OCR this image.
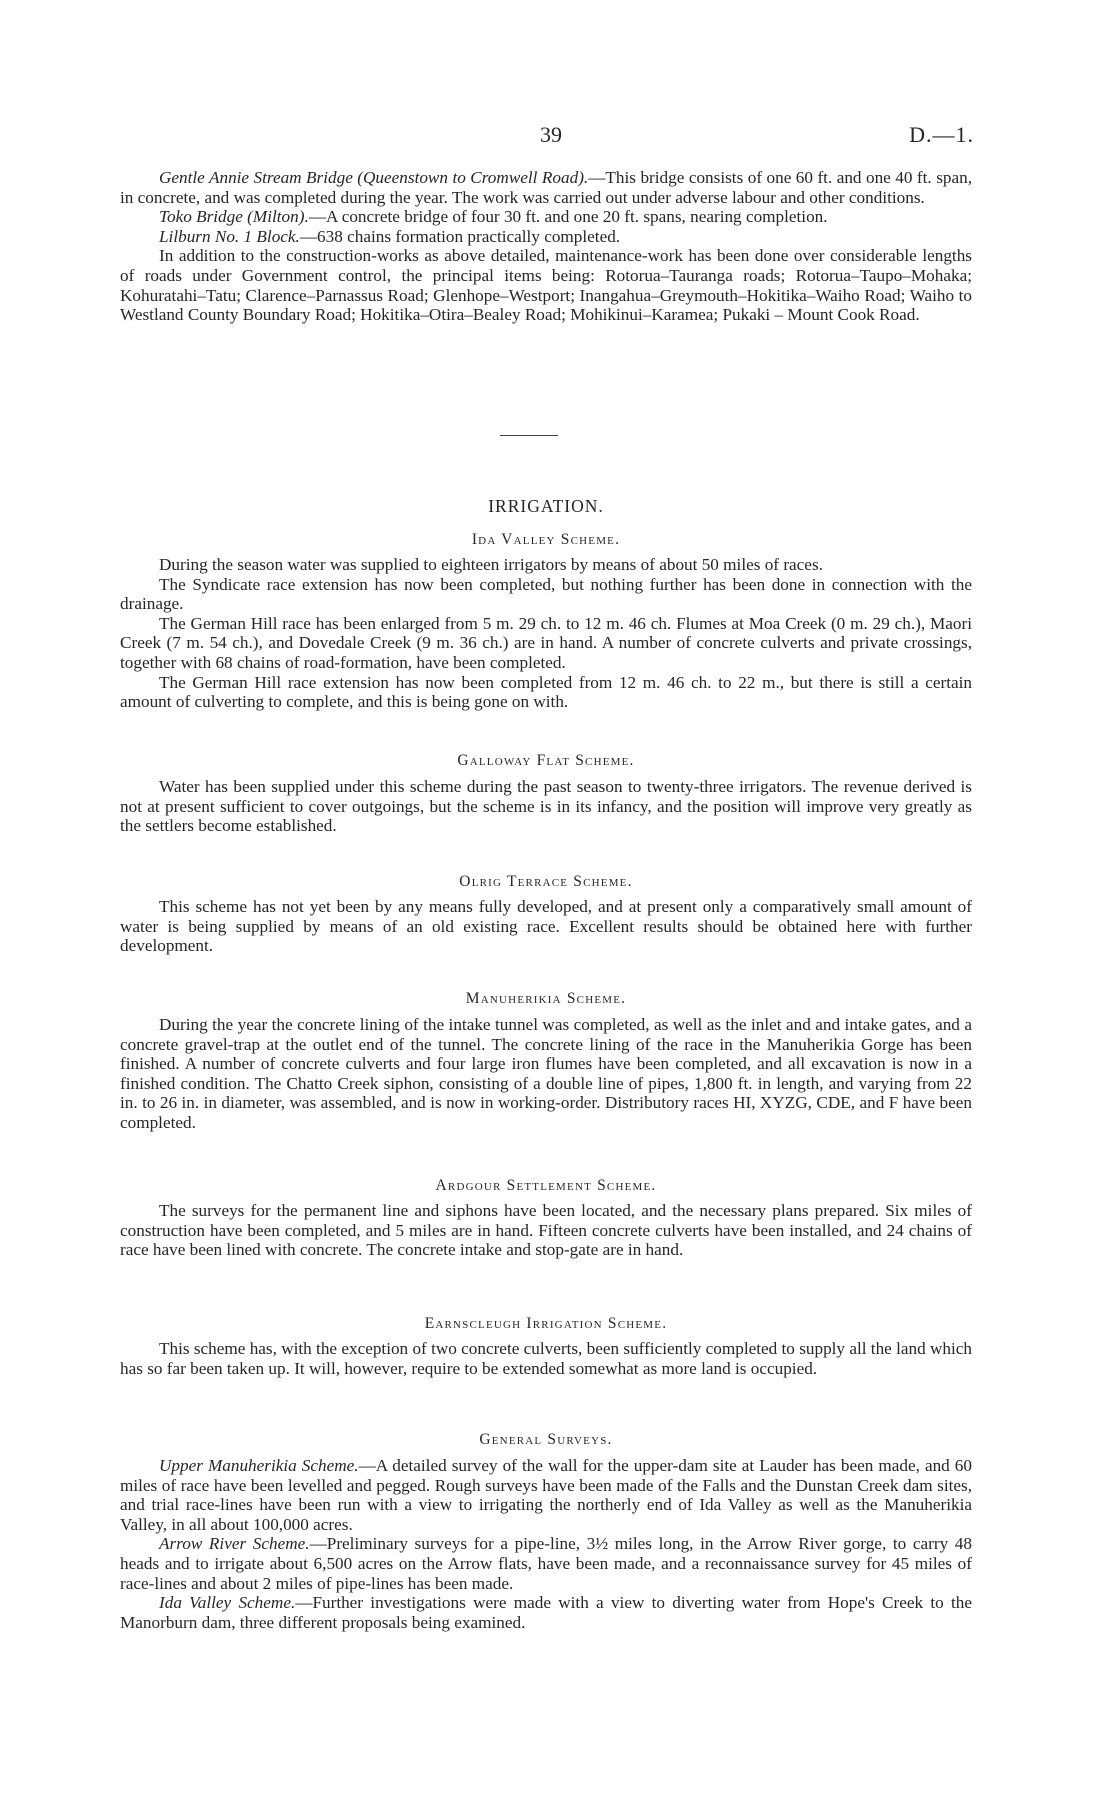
39	D.—1.

Gentle Annie Stream Bridge (Queenstown to Cromwell Road).—This bridge consists of one 60 ft. and one 40 ft. span, in concrete, and was completed during the year. The work was carried out under adverse labour and other conditions.

Toko Bridge (Milton).—A concrete bridge of four 30 ft. and one 20 ft. spans, nearing completion.

Lilburn No. 1 Block.—638 chains formation practically completed.

In addition to the construction-works as above detailed, maintenance-work has been done over considerable lengths of roads under Government control, the principal items being: Rotorua–Tauranga roads; Rotorua–Taupo–Mohaka; Kohuratahi–Tatu; Clarence–Parnassus Road; Glenhope–Westport; Inangahua–Greymouth–Hokitika–Waiho Road; Waiho to Westland County Boundary Road; Hokitika–Otira–Bealey Road; Mohikinui–Karamea; Pukaki – Mount Cook Road.

IRRIGATION.
Ida Valley Scheme.

During the season water was supplied to eighteen irrigators by means of about 50 miles of races.

The Syndicate race extension has now been completed, but nothing further has been done in connection with the drainage.

The German Hill race has been enlarged from 5 m. 29 ch. to 12 m. 46 ch. Flumes at Moa Creek (0 m. 29 ch.), Maori Creek (7 m. 54 ch.), and Dovedale Creek (9 m. 36 ch.) are in hand. A number of concrete culverts and private crossings, together with 68 chains of road-formation, have been completed.

The German Hill race extension has now been completed from 12 m. 46 ch. to 22 m., but there is still a certain amount of culverting to complete, and this is being gone on with.

Galloway Flat Scheme.

Water has been supplied under this scheme during the past season to twenty-three irrigators. The revenue derived is not at present sufficient to cover outgoings, but the scheme is in its infancy, and the position will improve very greatly as the settlers become established.

Olrig Terrace Scheme.

This scheme has not yet been by any means fully developed, and at present only a comparatively small amount of water is being supplied by means of an old existing race. Excellent results should be obtained here with further development.

Manuherikia Scheme.

During the year the concrete lining of the intake tunnel was completed, as well as the inlet and and intake gates, and a concrete gravel-trap at the outlet end of the tunnel. The concrete lining of the race in the Manuherikia Gorge has been finished. A number of concrete culverts and four large iron flumes have been completed, and all excavation is now in a finished condition. The Chatto Creek siphon, consisting of a double line of pipes, 1,800 ft. in length, and varying from 22 in. to 26 in. in diameter, was assembled, and is now in working-order. Distributory races HI, XYZG, CDE, and F have been completed.

Ardgour Settlement Scheme.

The surveys for the permanent line and siphons have been located, and the necessary plans prepared. Six miles of construction have been completed, and 5 miles are in hand. Fifteen concrete culverts have been installed, and 24 chains of race have been lined with concrete. The concrete intake and stop-gate are in hand.

Earnscleugh Irrigation Scheme.

This scheme has, with the exception of two concrete culverts, been sufficiently completed to supply all the land which has so far been taken up. It will, however, require to be extended somewhat as more land is occupied.

General Surveys.

Upper Manuherikia Scheme.—A detailed survey of the wall for the upper-dam site at Lauder has been made, and 60 miles of race have been levelled and pegged. Rough surveys have been made of the Falls and the Dunstan Creek dam sites, and trial race-lines have been run with a view to irrigating the northerly end of Ida Valley as well as the Manuherikia Valley, in all about 100,000 acres.

Arrow River Scheme.—Preliminary surveys for a pipe-line, 3½ miles long, in the Arrow River gorge, to carry 48 heads and to irrigate about 6,500 acres on the Arrow flats, have been made, and a reconnaissance survey for 45 miles of race-lines and about 2 miles of pipe-lines has been made.

Ida Valley Scheme.—Further investigations were made with a view to diverting water from Hope's Creek to the Manorburn dam, three different proposals being examined.
